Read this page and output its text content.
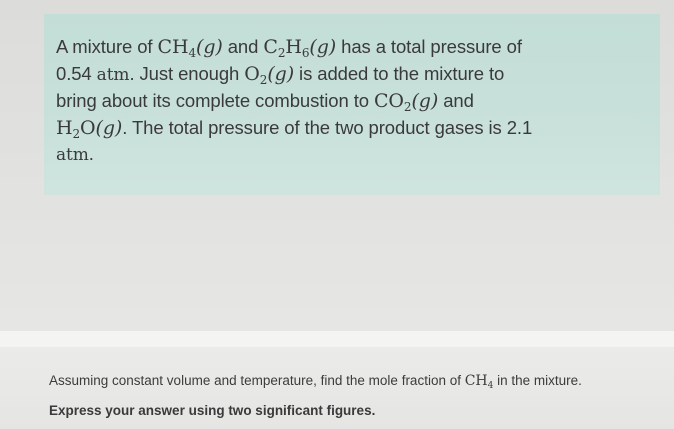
A mixture of $CH_4(g)$ and $C_2H_6(g)$ has a total pressure of
0.54 atm. Just enough $O_2(g)$ is added to the mixture to
bring about its complete combustion to $CO_2(g)$ and
$H_2O(g)$. The total pressure of the two product gases is 2.1
atm.

Assuming constant volume and temperature, find the mole fraction of $CH_4$ in the mixture.

Express your answer using two significant figures.
